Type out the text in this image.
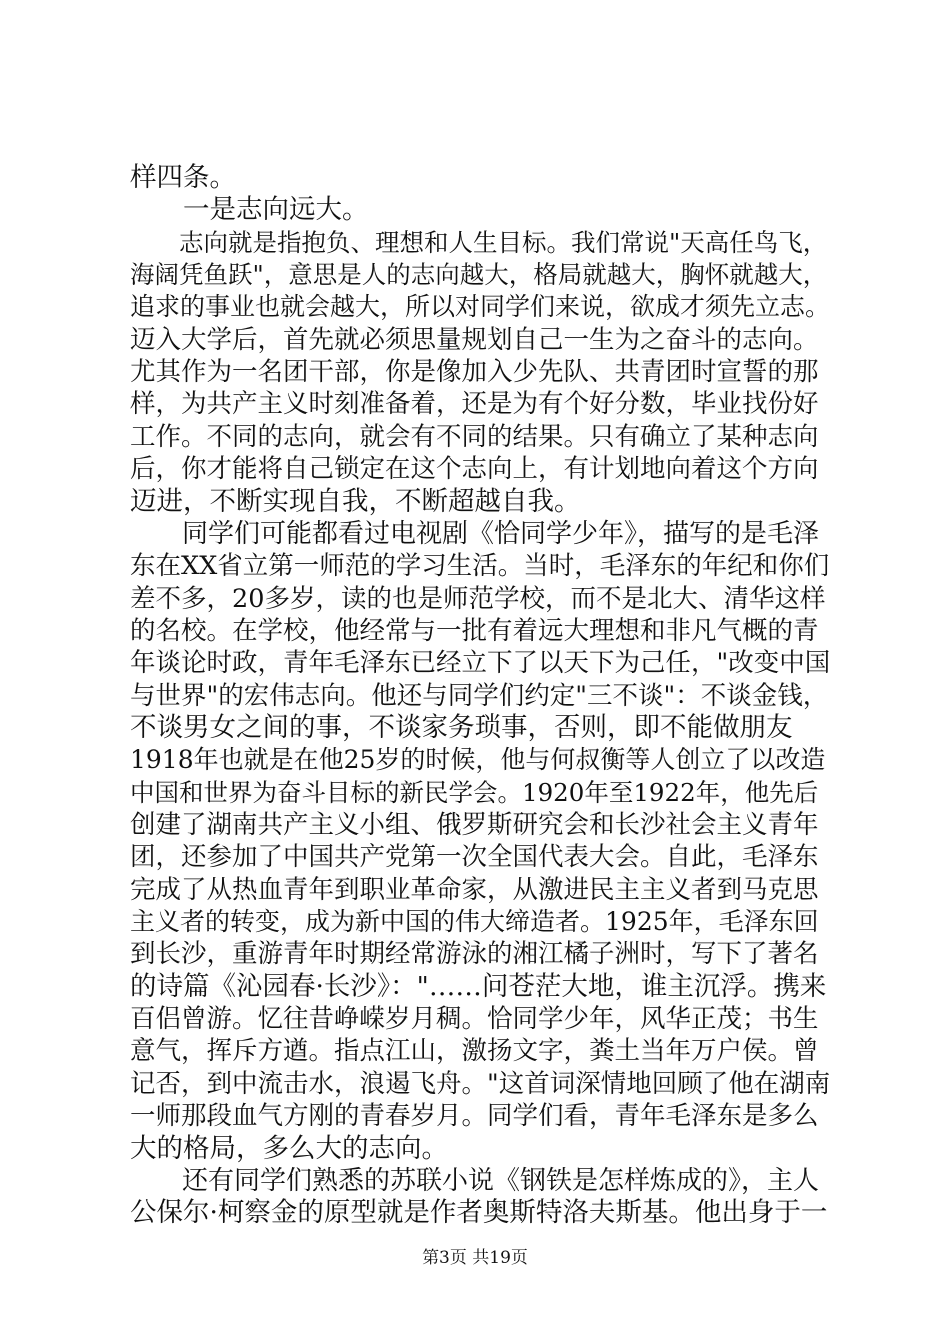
样四条。
　　一是志向远大。
　　志向就是指抱负、理想和人生目标。我们常说"天高任鸟飞，
海阔凭鱼跃"，意思是人的志向越大，格局就越大，胸怀就越大，
追求的事业也就会越大，所以对同学们来说，欲成才须先立志。
迈入大学后，首先就必须思量规划自己一生为之奋斗的志向。
尤其作为一名团干部，你是像加入少先队、共青团时宣誓的那
样，为共产主义时刻准备着，还是为有个好分数，毕业找份好
工作。不同的志向，就会有不同的结果。只有确立了某种志向
后，你才能将自己锁定在这个志向上，有计划地向着这个方向
迈进，不断实现自我，不断超越自我。
　　同学们可能都看过电视剧《恰同学少年》，描写的是毛泽
东在XX省立第一师范的学习生活。当时，毛泽东的年纪和你们
差不多，20多岁，读的也是师范学校，而不是北大、清华这样
的名校。在学校，他经常与一批有着远大理想和非凡气概的青
年谈论时政，青年毛泽东已经立下了以天下为己任，"改变中国
与世界"的宏伟志向。他还与同学们约定"三不谈"：不谈金钱，
不谈男女之间的事，不谈家务琐事，否则，即不能做朋友
1918年也就是在他25岁的时候，他与何叔衡等人创立了以改造
中国和世界为奋斗目标的新民学会。1920年至1922年，他先后
创建了湖南共产主义小组、俄罗斯研究会和长沙社会主义青年
团，还参加了中国共产党第一次全国代表大会。自此，毛泽东
完成了从热血青年到职业革命家，从激进民主主义者到马克思
主义者的转变，成为新中国的伟大缔造者。1925年，毛泽东回
到长沙，重游青年时期经常游泳的湘江橘子洲时，写下了著名
的诗篇《沁园春·长沙》："……问苍茫大地，谁主沉浮。携来
百侣曾游。忆往昔峥嵘岁月稠。恰同学少年，风华正茂；书生
意气，挥斥方遒。指点江山，激扬文字，粪土当年万户侯。曾
记否，到中流击水，浪遏飞舟。"这首词深情地回顾了他在湖南
一师那段血气方刚的青春岁月。同学们看，青年毛泽东是多么
大的格局，多么大的志向。
　　还有同学们熟悉的苏联小说《钢铁是怎样炼成的》，主人
公保尔·柯察金的原型就是作者奥斯特洛夫斯基。他出身于一
第3页 共19页
